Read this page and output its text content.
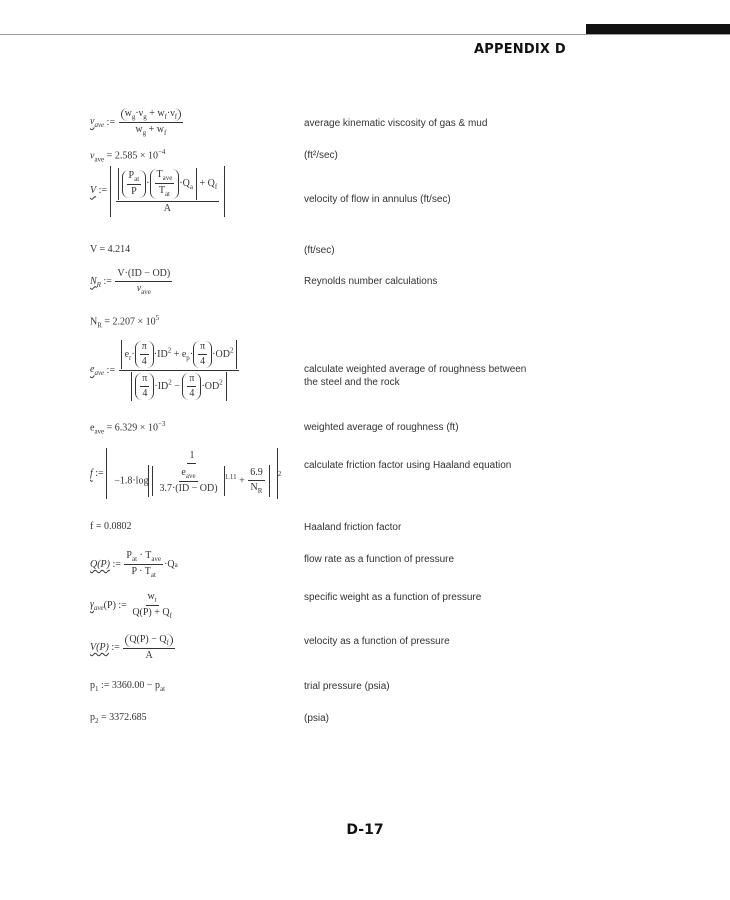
APPENDIX D
$\nu_{ave}$ := $\frac{w_g\cdot\nu_g + w_f\cdot\nu_f}{w_g + w_f}$	average kinematic viscosity of gas & mud
$\nu_{ave} = 2.585 \times 10^{-4}$	(ft²/sec)
V := $\frac{\frac{P_{at}}{P} \cdot \frac{T_{ave}}{T_{at}} \cdot Q_a + Q_f}{A}$	velocity of flow in annulus (ft/sec)
V = 4.214	(ft/sec)
$N_R$ := $\frac{V\cdot(ID - OD)}{\nu_{ave}}$	Reynolds number calculations
$N_R = 2.207 \times 10^5$
$e_{ave}$ := $\frac{e_r\cdot \frac{\pi}{4} \cdot ID^2 + e_p\cdot \frac{\pi}{4} \cdot OD^2}{\frac{\pi}{4} \cdot ID^2 - \frac{\pi}{4} \cdot OD^2}$	calculate weighted average of roughness between
the steel and the rock
$e_{ave} = 6.329 \times 10^{-3}$	weighted average of roughness (ft)
f := $\frac{1}{-1.8\cdot\log \frac{e_{ave}}{3.7\cdot(ID - OD)} ^{1.11} + \frac{6.9}{N_R}} 2$
calculate friction factor using Haaland equation
f = 0.0802	Haaland friction factor
Q(P) := $\frac{P_{at} \cdot T_{ave}}{P \cdot T_{at}} \cdot Q$ a	flow rate as a function of pressure
$\gamma_{ave}$ (P) := $\frac{w_t}{Q(P) + Q_f}$	specific weight as a function of pressure
V(P) := $\frac{Q(P) - Q_f}{A}$	velocity as a function of pressure
$p_1$ := $3360.00 - p_{at}$	trial pressure (psia)
$p_2 = 3372.685$	(psia)
D-17
